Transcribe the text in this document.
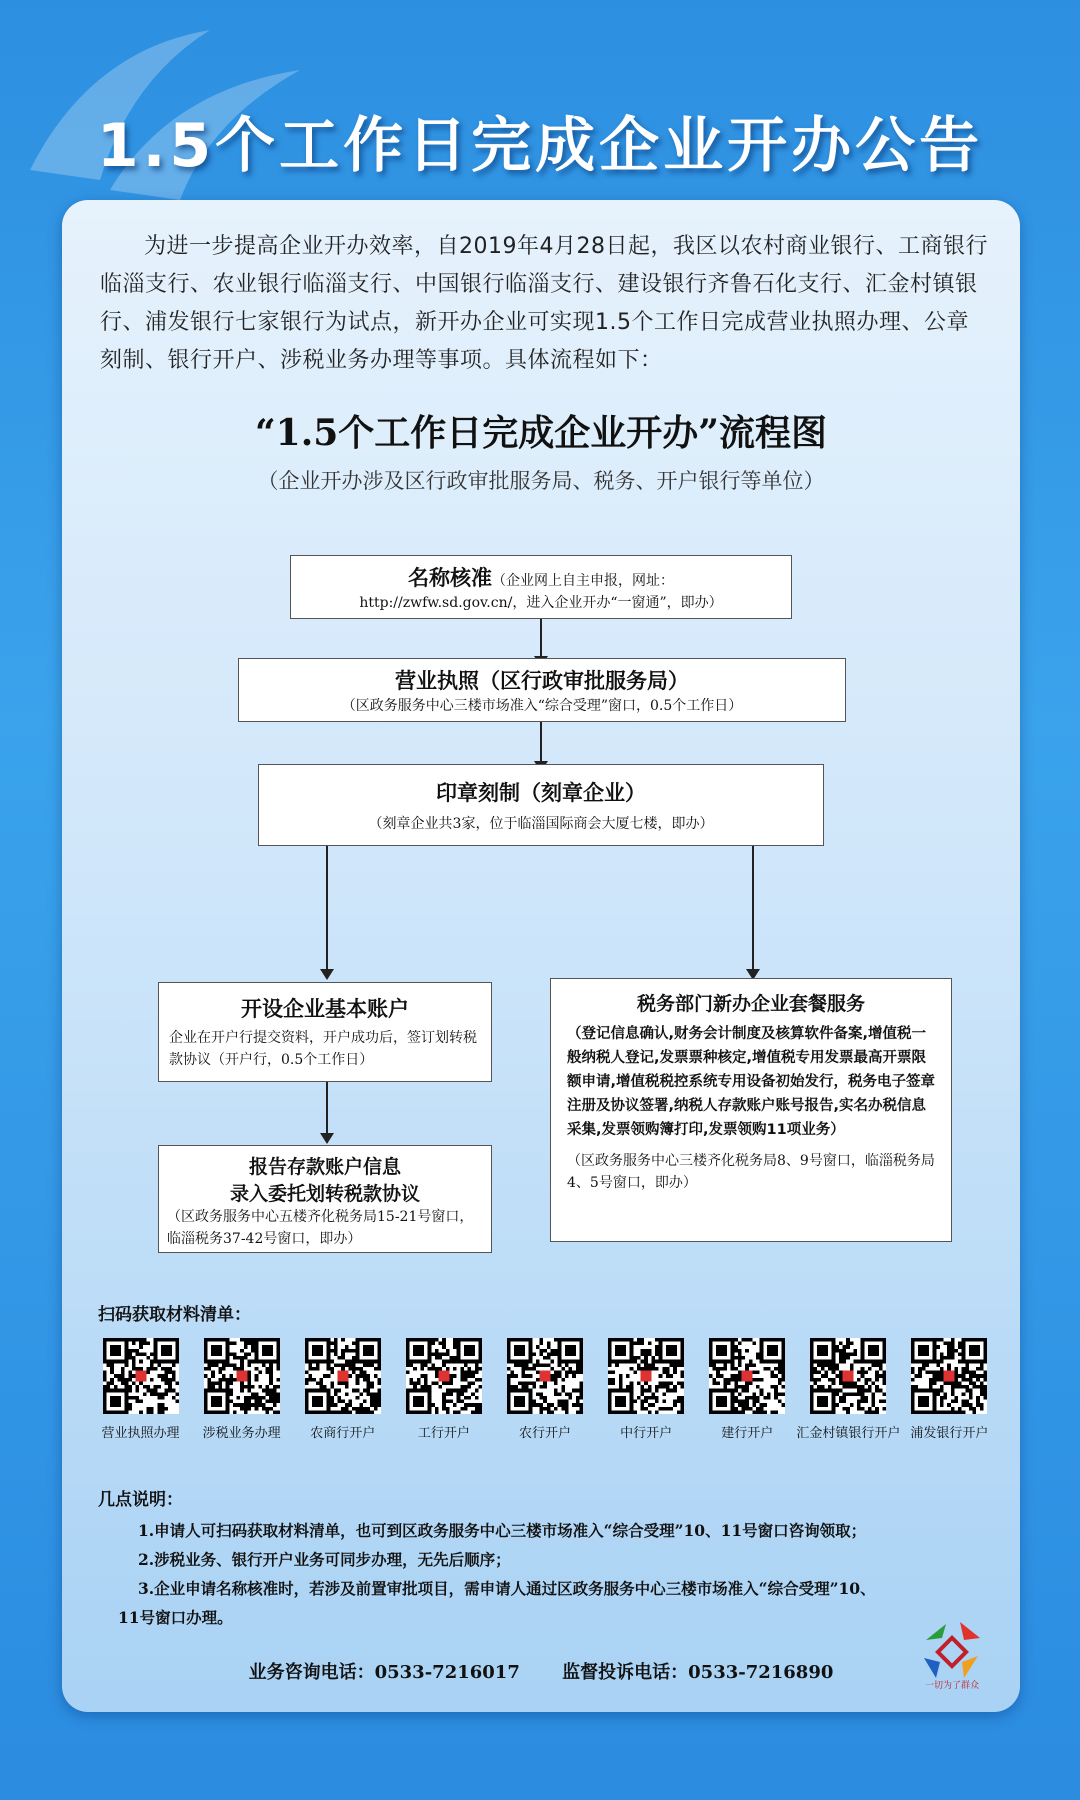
1.5个工作日完成企业开办公告
为进一步提高企业开办效率，自2019年4月28日起，我区以农村商业银行、工商银行临淄支行、农业银行临淄支行、中国银行临淄支行、建设银行齐鲁石化支行、汇金村镇银行、浦发银行七家银行为试点，新开办企业可实现1.5个工作日完成营业执照办理、公章刻制、银行开户、涉税业务办理等事项。具体流程如下：
“1.5个工作日完成企业开办”流程图
（企业开办涉及区行政审批服务局、税务、开户银行等单位）
名称核准（企业网上自主申报，网址：
http://zwfw.sd.gov.cn/，进入企业开办“一窗通”，即办）
营业执照（区行政审批服务局）
（区政务服务中心三楼市场准入“综合受理”窗口，0.5个工作日）
印章刻制（刻章企业）
（刻章企业共3家，位于临淄国际商会大厦七楼，即办）
开设企业基本账户
企业在开户行提交资料，开户成功后，签订划转税款协议（开户行，0.5个工作日）
报告存款账户信息
录入委托划转税款协议
（区政务服务中心五楼齐化税务局15-21号窗口，临淄税务37-42号窗口，即办）
税务部门新办企业套餐服务
（登记信息确认,财务会计制度及核算软件备案,增值税一般纳税人登记,发票票种核定,增值税专用发票最高开票限额申请,增值税税控系统专用设备初始发行，税务电子签章注册及协议签署,纳税人存款账户账号报告,实名办税信息采集,发票领购簿打印,发票领购11项业务）
（区政务服务中心三楼齐化税务局8、9号窗口，临淄税务局4、5号窗口，即办）
扫码获取材料清单：
营业执照办理	涉税业务办理	农商行开户	工行开户	农行开户	中行开户	建行开户	汇金村镇银行开户 浦发银行开户
几点说明：
1.申请人可扫码获取材料清单，也可到区政务服务中心三楼市场准入“综合受理”10、11号窗口咨询领取；
2.涉税业务、银行开户业务可同步办理，无先后顺序；
3.企业申请名称核准时，若涉及前置审批项目，需申请人通过区政务服务中心三楼市场准入“综合受理”10、
11号窗口办理。
业务咨询电话：0533-7216017 监督投诉电话：0533-7216890
一切为了群众
